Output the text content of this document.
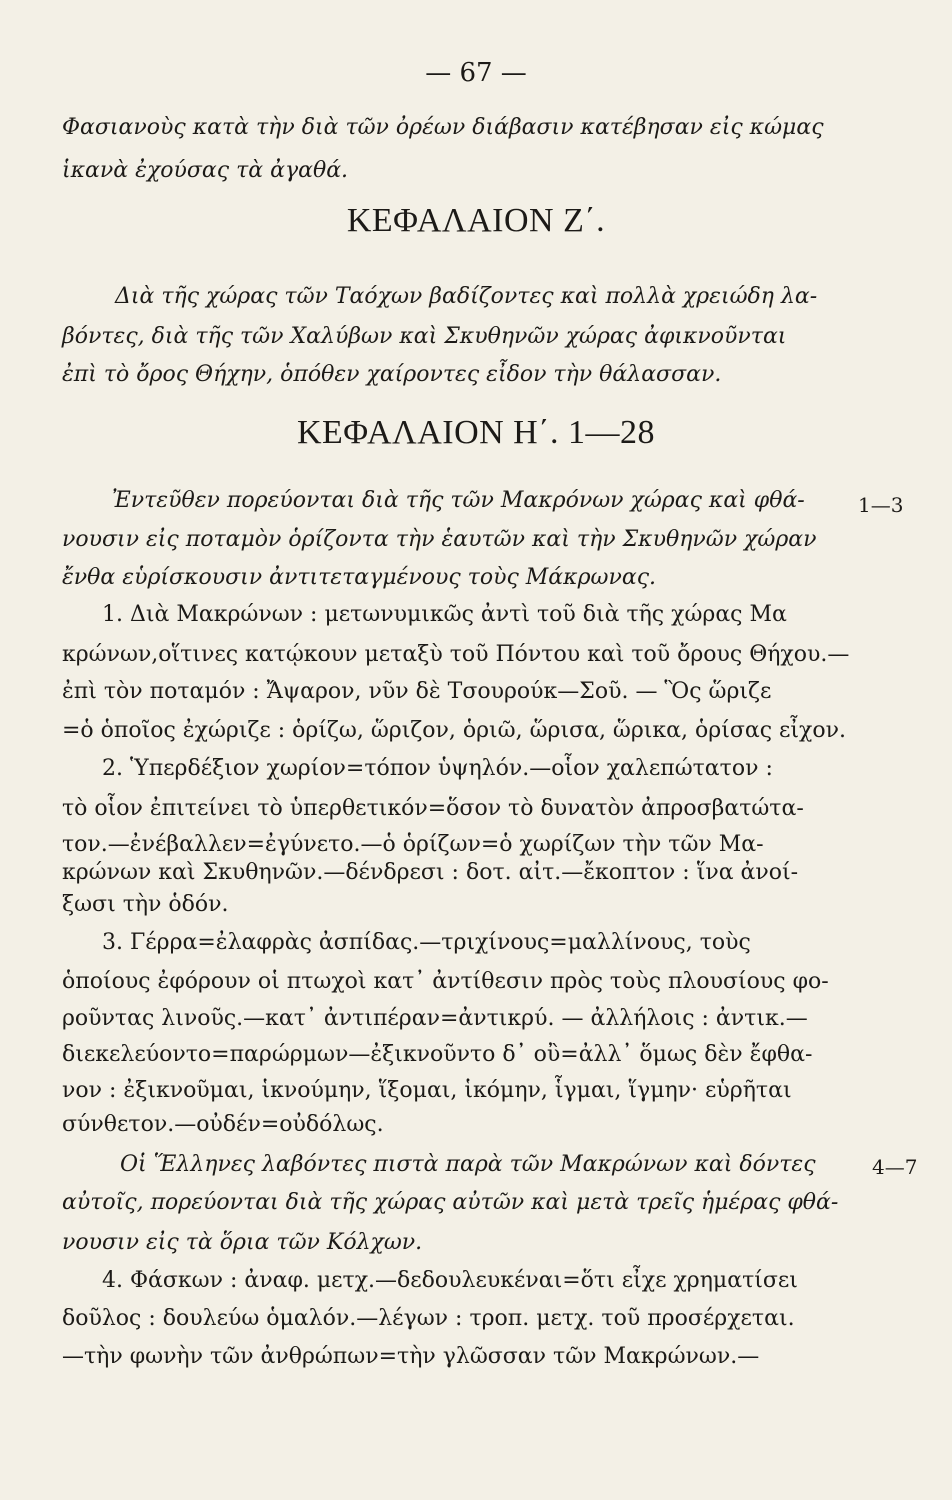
— 67 —
Φασιανοὺς κατὰ τὴν διὰ τῶν ὀρέων διάβασιν κατέβησαν εἰς κώμας
ἱκανὰ ἐχούσας τὰ ἀγαθά.
ΚΕΦΑΛΑΙΟΝ Ζ΄.
Διὰ τῆς χώρας τῶν Ταόχων βαδίζοντες καὶ πολλὰ χρειώδη λα-
βόντες, διὰ τῆς τῶν Χαλύβων καὶ Σκυθηνῶν χώρας ἀφικνοῦνται
ἐπὶ τὸ ὄρος Θήχην, ὁπόθεν χαίροντες εἶδον τὴν θάλασσαν.
ΚΕΦΑΛΑΙΟΝ Η΄. 1—28
Ἐντεῦθεν πορεύονται διὰ τῆς τῶν Μακρόνων χώρας καὶ φθά-	1—3
νουσιν εἰς ποταμὸν ὁρίζοντα τὴν ἑαυτῶν καὶ τὴν Σκυθηνῶν χώραν
ἔνθα εὑρίσκουσιν ἀντιτεταγμένους τοὺς Μάκρωνας.
1. Διὰ Μακρώνων : μετωνυμικῶς ἀντὶ τοῦ διὰ τῆς χώρας Μα
κρώνων,οἵτινες κατῴκουν μεταξὺ τοῦ Πόντου καὶ τοῦ ὄρους Θήχου.—
ἐπὶ τὸν ποταμόν : Ἄψαρον, νῦν δὲ Τσουρούκ—Σοῦ. — Ὃς ὥριζε
=ὁ ὁποῖος ἐχώριζε : ὁρίζω, ὥριζον, ὁριῶ, ὥρισα, ὥρικα, ὁρίσας εἶχον.
2. Ὑπερδέξιον χωρίον=τόπον ὑψηλόν.—οἷον χαλεπώτατον :
τὸ οἷον ἐπιτείνει τὸ ὑπερθετικόν=ὅσον τὸ δυνατὸν ἀπροσβατώτα-
τον.—ἐνέβαλλεν=ἐγύνετο.—ὁ ὁρίζων=ὁ χωρίζων τὴν τῶν Μα-
κρώνων καὶ Σκυθηνῶν.—δένδρεσι : δοτ. αἰτ.—ἔκοπτον : ἵνα ἀνοί-
ξωσι τὴν ὁδόν.
3. Γέρρα=ἐλαφρὰς ἀσπίδας.—τριχίνους=μαλλίνους, τοὺς
ὁποίους ἐφόρουν οἱ πτωχοὶ κατ᾽ ἀντίθεσιν πρὸς τοὺς πλουσίους φο-
ροῦντας λινοῦς.—κατ᾽ ἀντιπέραν=ἀντικρύ. — ἀλλήλοις : ἀντικ.—
διεκελεύοντο=παρώρμων—ἐξικνοῦντο δ᾽ οὒ=ἀλλ᾽ ὅμως δὲν ἔφθα-
νον : ἐξικνοῦμαι, ἱκνούμην, ἵξομαι, ἱκόμην, ἷγμαι, ἵγμην· εὑρῆται
σύνθετον.—οὐδέν=οὐδόλως.
Οἱ Ἕλληνες λαβόντες πιστὰ παρὰ τῶν Μακρώνων καὶ δόντες	4—7
αὐτοῖς, πορεύονται διὰ τῆς χώρας αὐτῶν καὶ μετὰ τρεῖς ἡμέρας φθά-
νουσιν εἰς τὰ ὅρια τῶν Κόλχων.
4. Φάσκων : ἀναφ. μετχ.—δεδουλευκέναι=ὅτι εἶχε χρηματίσει
δοῦλος : δουλεύω ὁμαλόν.—λέγων : τροπ. μετχ. τοῦ προσέρχεται.
—τὴν φωνὴν τῶν ἀνθρώπων=τὴν γλῶσσαν τῶν Μακρώνων.—
